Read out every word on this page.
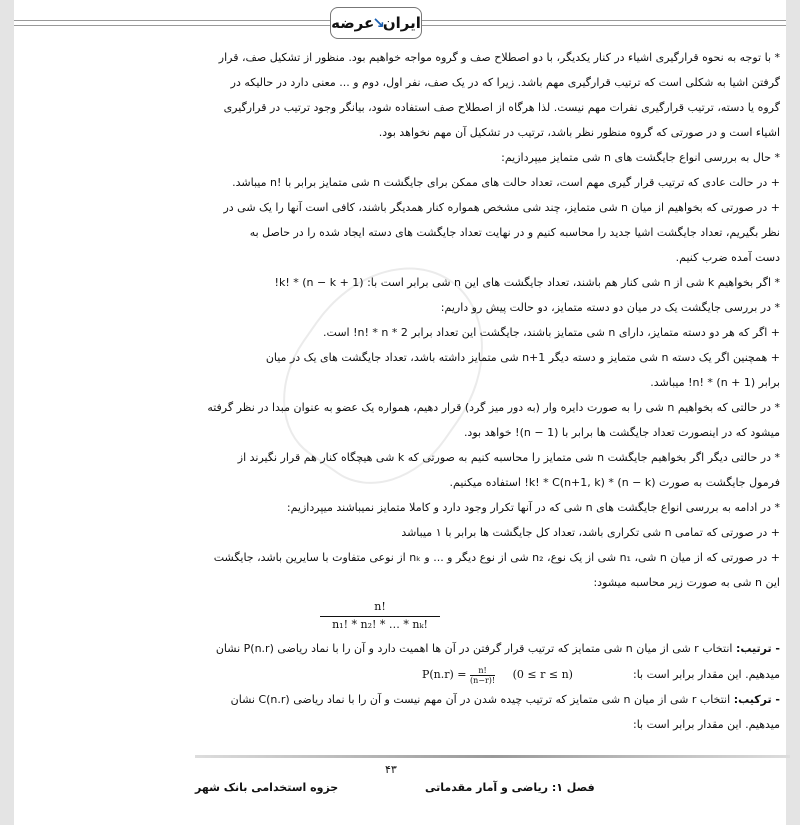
ایران
↘
عرضه
* با توجه به نحوه قرارگیری اشیاء در کنار یکدیگر، با دو اصطلاح صف و گروه مواجه خواهیم بود. منظور از تشکیل صف، قرار
گرفتن اشیا به شکلی است که ترتیب قرارگیری مهم باشد. زیرا که در یک صف، نفر اول، دوم و ... معنی دارد در حالیکه در
گروه یا دسته، ترتیب قرارگیری نفرات مهم نیست. لذا هرگاه از اصطلاح صف استفاده شود، بیانگر وجود ترتیب در قرارگیری
اشیاء است و در صورتی که گروه منظور نظر باشد، ترتیب در تشکیل آن مهم نخواهد بود.
* حال به بررسی انواع جایگشت های n شی متمایز میپردازیم:
+ در حالت عادی که ترتیب قرار گیری مهم است، تعداد حالت های ممکن برای جایگشت n شی متمایز برابر با !n میباشد.
+ در صورتی که بخواهیم از میان n شی متمایز، چند شی مشخص همواره کنار همدیگر باشند، کافی است آنها را یک شی در
نظر بگیریم، تعداد جایگشت اشیا جدید را محاسبه کنیم و در نهایت تعداد جایگشت های دسته ایجاد شده را در حاصل به
دست آمده ضرب کنیم.
* اگر بخواهیم k شی از n شی کنار هم باشند، تعداد جایگشت های این n شی برابر است با: k! * (n − k + 1)!
* در بررسی جایگشت یک در میان دو دسته متمایز، دو حالت پیش رو داریم:
+ اگر که هر دو دسته متمایز، دارای n شی متمایز باشند، جایگشت این تعداد برابر 2 * n! * n! است.
+ همچنین اگر یک دسته n شی متمایز و دسته دیگر n+1 شی متمایز داشته باشد، تعداد جایگشت های یک در میان
برابر n! * (n + 1)! میباشد.
* در حالتی که بخواهیم n شی را به صورت دایره وار (به دور میز گرد) قرار دهیم، همواره یک عضو به عنوان مبدا در نظر گرفته
میشود که در اینصورت تعداد جایگشت ها برابر با (n − 1)! خواهد بود.
* در حالتی دیگر اگر بخواهیم جایگشت n شی متمایز را محاسبه کنیم به صورتی که k شی هیچگاه کنار هم قرار نگیرند از
فرمول جایگشت به صورت k! * C(n+1, k) * (n − k)! استفاده میکنیم.
* در ادامه به بررسی انواع جایگشت های n شی که در آنها تکرار وجود دارد و کاملا متمایز نمیباشند میپردازیم:
+ در صورتی که تمامی n شی تکراری باشد، تعداد کل جایگشت ها برابر با ۱ میباشد
+ در صورتی که از میان n شی، n₁ شی از یک نوع، n₂ شی از نوع دیگر و ... و nₖ از نوعی متفاوت با سایرین باشد، جایگشت
این n شی به صورت زیر محاسبه میشود:
n!
n₁! * n₂! * … * nₖ!
- ترتیب: انتخاب r شی از میان n شی متمایز که ترتیب قرار گرفتن در آن ها اهمیت دارد و آن را با نماد ریاضی P(n.r) نشان
میدهیم. این مقدار برابر است با:
$P(n.r) = \frac{n!}{(n-r)!} (0 \le r \le n)$
- ترکیب: انتخاب r شی از میان n شی متمایز که ترتیب چیده شدن در آن مهم نیست و آن را با نماد ریاضی C(n.r) نشان
میدهیم. این مقدار برابر است با:
۴۳
فصل ۱: ریاضی و آمار مقدماتی
جزوه استخدامی بانک شهر
